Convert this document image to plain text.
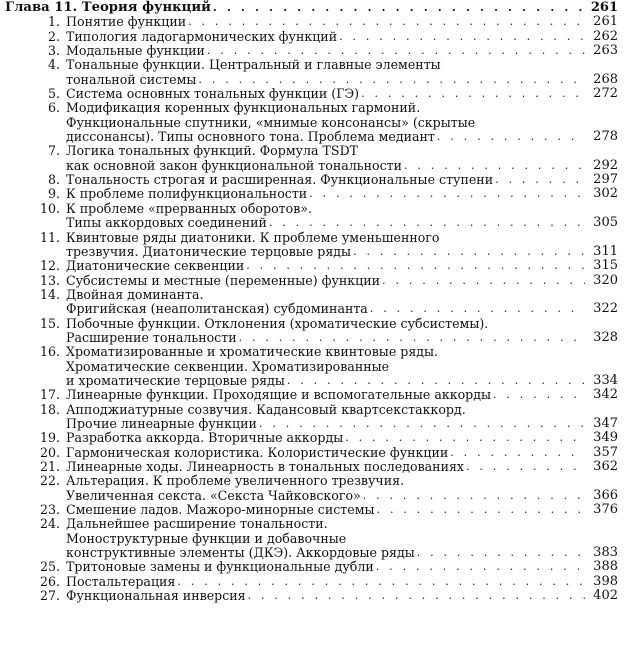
Глава 11. Теория функций . . .	261
1. Понятие функции . . .	261
2. Типология ладогармонических функций . . .	262
3. Модальные функции . . .	263
4. Тональные функции. Центральный и главные элементы
тональной системы . . .	268
5. Система основных тональных функции (ГЭ) . . .	272
6. Модификация коренных функциональных гармоний.
Функциональные спутники, «мнимые консонансы» (скрытые
диссонансы). Типы основного тона. Проблема медиант . . .	278
7. Логика тональных функций. Формула TSDT
как основной закон функциональной тональности . . .	292
8. Тональность строгая и расширенная. Функциональные ступени . . .	297
9. К проблеме полифункциональности . . .	302
10. К проблеме «прерванных оборотов».
Типы аккордовых соединений . . .	305
11. Квинтовые ряды диатоники. К проблеме уменьшенного
трезвучия. Диатонические терцовые ряды . . .	311
12. Диатонические секвенции . . .	315
13. Субсистемы и местные (переменные) функции . . .	320
14. Двойная доминанта.
Фригийская (неаполитанская) субдоминанта . . .	322
15. Побочные функции. Отклонения (хроматические субсистемы).
Расширение тональности . . .	328
16. Хроматизированные и хроматические квинтовые ряды.
Хроматические секвенции. Хроматизированные
и хроматические терцовые ряды . . .	334
17. Линеарные функции. Проходящие и вспомогательные аккорды . . .	342
18. Апподжиатурные созвучия. Кадансовый квартсекстаккорд.
Прочие линеарные функции . . .	347
19. Разработка аккорда. Вторичные аккорды . . .	349
20. Гармоническая колористика. Колористические функции . . .	357
21. Линеарные ходы. Линеарность в тональных последованиях . . .	362
22. Альтерация. К проблеме увеличенного трезвучия.
Увеличенная секста. «Секста Чайковского» . . .	366
23. Смешение ладов. Мажоро-минорные системы . . .	376
24. Дальнейшее расширение тональности.
Моноструктурные функции и добавочные
конструктивные элементы (ДКЭ). Аккордовые ряды . . .	383
25. Тритоновые замены и функциональные дубли . . .	388
26. Постальтерация . . .	398
27. Функциональная инверсия . . .	402
